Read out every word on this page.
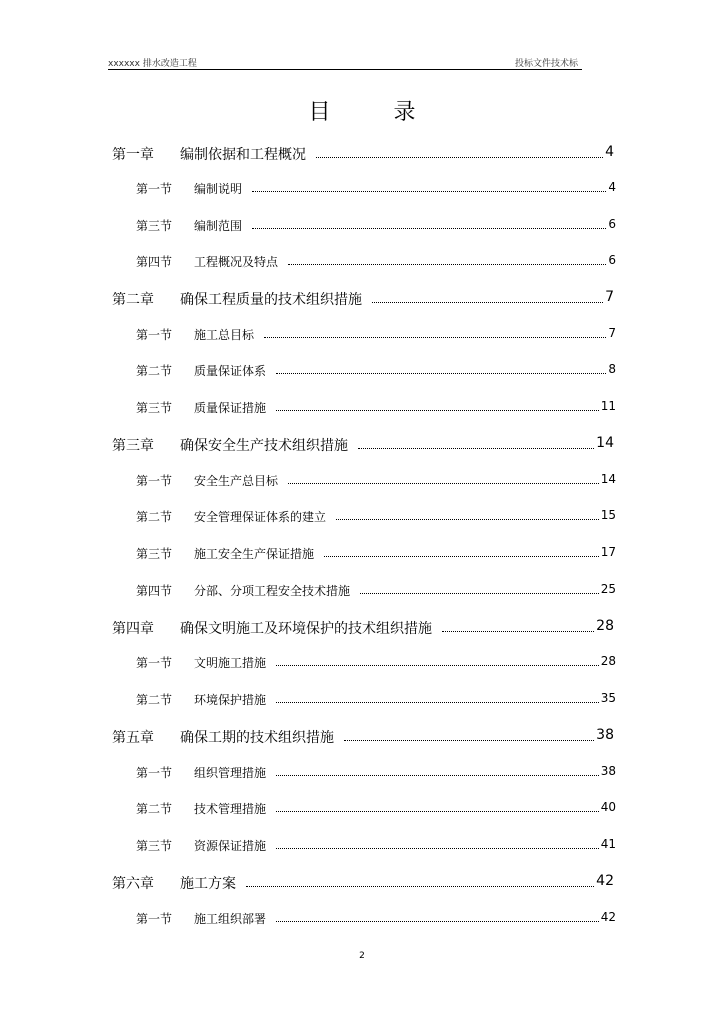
xxxxxx 排水改造工程	投标文件技术标
目 录
第一章 编制依据和工程概况	4
第一节 编制说明	4
第三节 编制范围	6
第四节 工程概况及特点	6
第二章 确保工程质量的技术组织措施	7
第一节 施工总目标	7
第二节 质量保证体系	8
第三节 质量保证措施	11
第三章 确保安全生产技术组织措施	14
第一节 安全生产总目标	14
第二节 安全管理保证体系的建立	15
第三节 施工安全生产保证措施	17
第四节 分部、分项工程安全技术措施	25
第四章 确保文明施工及环境保护的技术组织措施	28
第一节 文明施工措施	28
第二节 环境保护措施	35
第五章 确保工期的技术组织措施	38
第一节 组织管理措施	38
第二节 技术管理措施	40
第三节 资源保证措施	41
第六章 施工方案	42
第一节 施工组织部署	42
2
